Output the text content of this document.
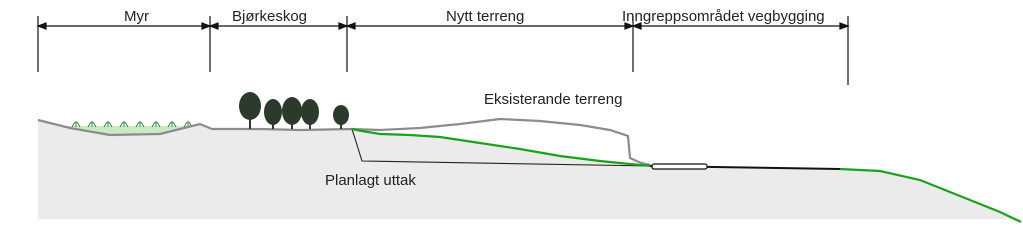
Myr	Bjørkeskog	Nytt terreng	Inngreppsområdet vegbygging
Eksisterande terreng
Planlagt uttak
